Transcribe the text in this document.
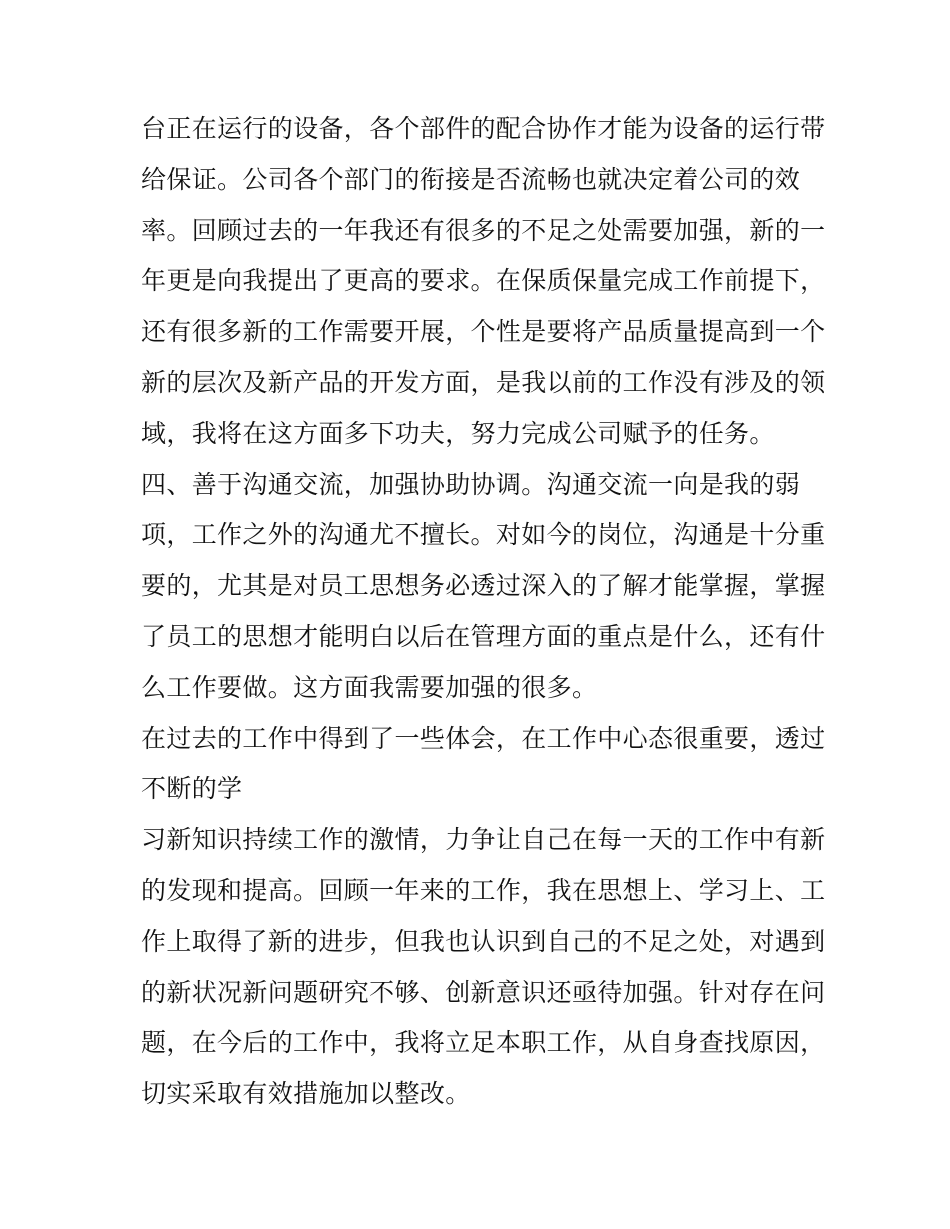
台正在运行的设备，各个部件的配合协作才能为设备的运行带
给保证。公司各个部门的衔接是否流畅也就决定着公司的效
率。回顾过去的一年我还有很多的不足之处需要加强，新的一
年更是向我提出了更高的要求。在保质保量完成工作前提下，
还有很多新的工作需要开展，个性是要将产品质量提高到一个
新的层次及新产品的开发方面，是我以前的工作没有涉及的领
域，我将在这方面多下功夫，努力完成公司赋予的任务。
四、善于沟通交流，加强协助协调。沟通交流一向是我的弱
项，工作之外的沟通尤不擅长。对如今的岗位，沟通是十分重
要的，尤其是对员工思想务必透过深入的了解才能掌握，掌握
了员工的思想才能明白以后在管理方面的重点是什么，还有什
么工作要做。这方面我需要加强的很多。
在过去的工作中得到了一些体会，在工作中心态很重要，透过
不断的学
习新知识持续工作的激情，力争让自己在每一天的工作中有新
的发现和提高。回顾一年来的工作，我在思想上、学习上、工
作上取得了新的进步，但我也认识到自己的不足之处，对遇到
的新状况新问题研究不够、创新意识还亟待加强。针对存在问
题，在今后的工作中，我将立足本职工作，从自身查找原因，
切实采取有效措施加以整改。
